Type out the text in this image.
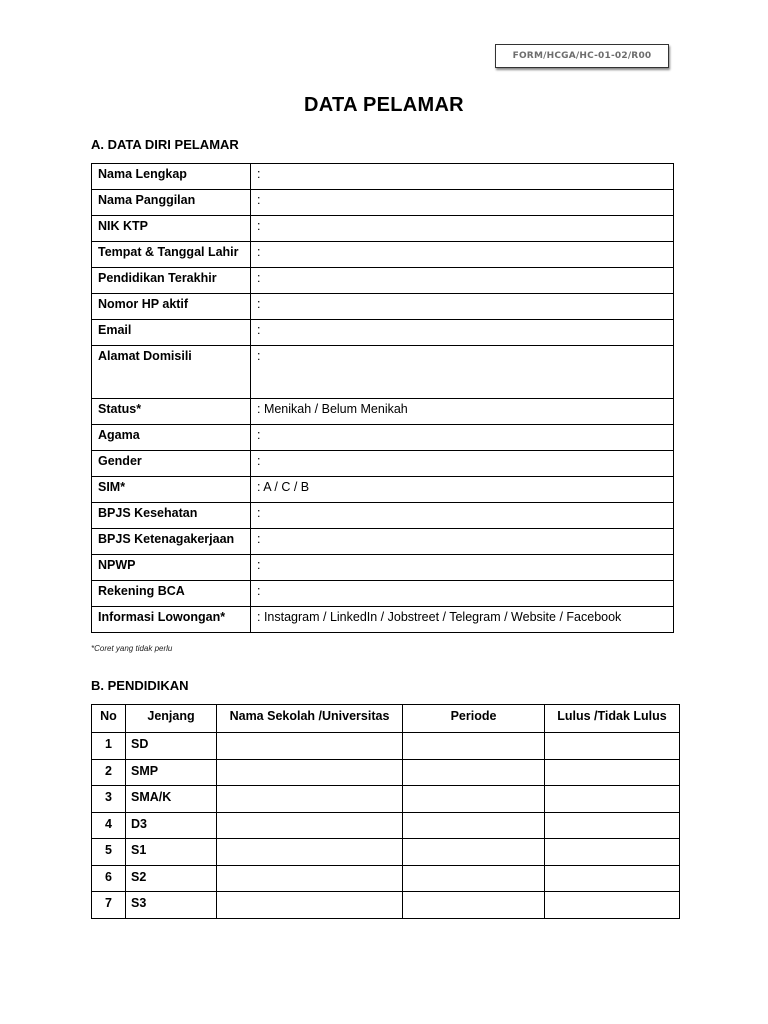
FORM/HCGA/HC-01-02/R00
DATA PELAMAR
A. DATA DIRI PELAMAR
Nama Lengkap	:
Nama Panggilan	:
NIK KTP	:
Tempat & Tanggal Lahir	:
Pendidikan Terakhir	:
Nomor HP aktif	:
Email	:
Alamat Domisili	:
Status*	: Menikah / Belum Menikah
Agama	:
Gender	:
SIM*	: A / C / B
BPJS Kesehatan	:
BPJS Ketenagakerjaan	:
NPWP	:
Rekening BCA	:
Informasi Lowongan*	: Instagram / LinkedIn / Jobstreet / Telegram / Website / Facebook
*Coret yang tidak perlu
B. PENDIDIKAN
No	Jenjang	Nama Sekolah /Universitas	Periode	Lulus /Tidak Lulus
1	SD			
2	SMP			
3	SMA/K			
4	D3			
5	S1			
6	S2			
7	S3			
